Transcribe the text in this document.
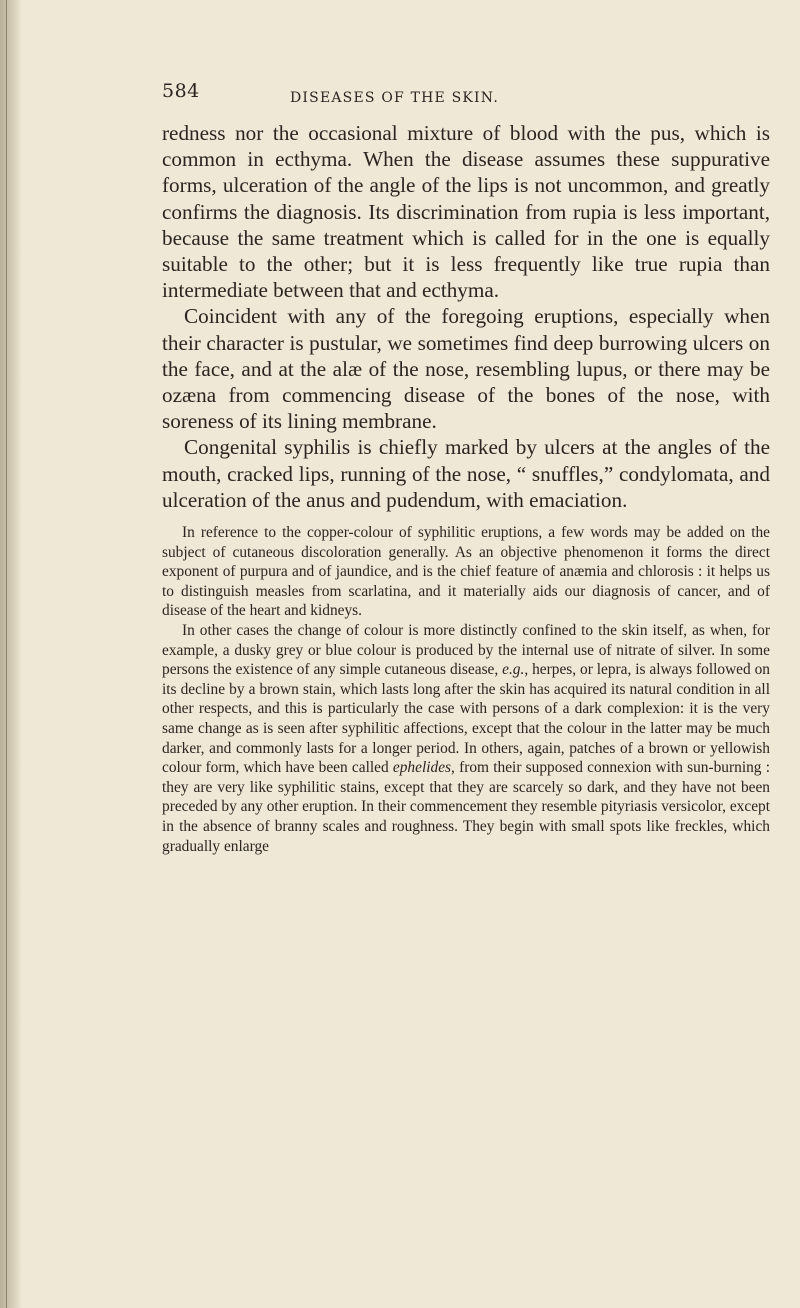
584	DISEASES OF THE SKIN.

redness nor the occasional mixture of blood with the pus, which is common in ecthyma. When the disease assumes these suppurative forms, ulceration of the angle of the lips is not uncommon, and greatly confirms the diagnosis. Its discrimination from rupia is less important, because the same treatment which is called for in the one is equally suitable to the other; but it is less frequently like true rupia than intermediate between that and ecthyma.

Coincident with any of the foregoing eruptions, especially when their character is pustular, we sometimes find deep burrowing ulcers on the face, and at the alæ of the nose, resembling lupus, or there may be ozæna from commencing disease of the bones of the nose, with soreness of its lining membrane.

Congenital syphilis is chiefly marked by ulcers at the angles of the mouth, cracked lips, running of the nose, “ snuffles,” condylomata, and ulceration of the anus and pudendum, with emaciation.

In reference to the copper-colour of syphilitic eruptions, a few words may be added on the subject of cutaneous discoloration generally. As an objective phenomenon it forms the direct exponent of purpura and of jaundice, and is the chief feature of anæmia and chlorosis : it helps us to distinguish measles from scarlatina, and it materially aids our diagnosis of cancer, and of disease of the heart and kidneys.

In other cases the change of colour is more distinctly confined to the skin itself, as when, for example, a dusky grey or blue colour is produced by the internal use of nitrate of silver. In some persons the existence of any simple cutaneous disease, e.g., herpes, or lepra, is always followed on its decline by a brown stain, which lasts long after the skin has acquired its natural condition in all other respects, and this is particularly the case with persons of a dark complexion: it is the very same change as is seen after syphilitic affections, except that the colour in the latter may be much darker, and commonly lasts for a longer period. In others, again, patches of a brown or yellowish colour form, which have been called ephelides, from their supposed connexion with sun-burning : they are very like syphilitic stains, except that they are scarcely so dark, and they have not been preceded by any other eruption. In their commencement they resemble pityriasis versicolor, except in the absence of branny scales and roughness. They begin with small spots like freckles, which gradually enlarge
